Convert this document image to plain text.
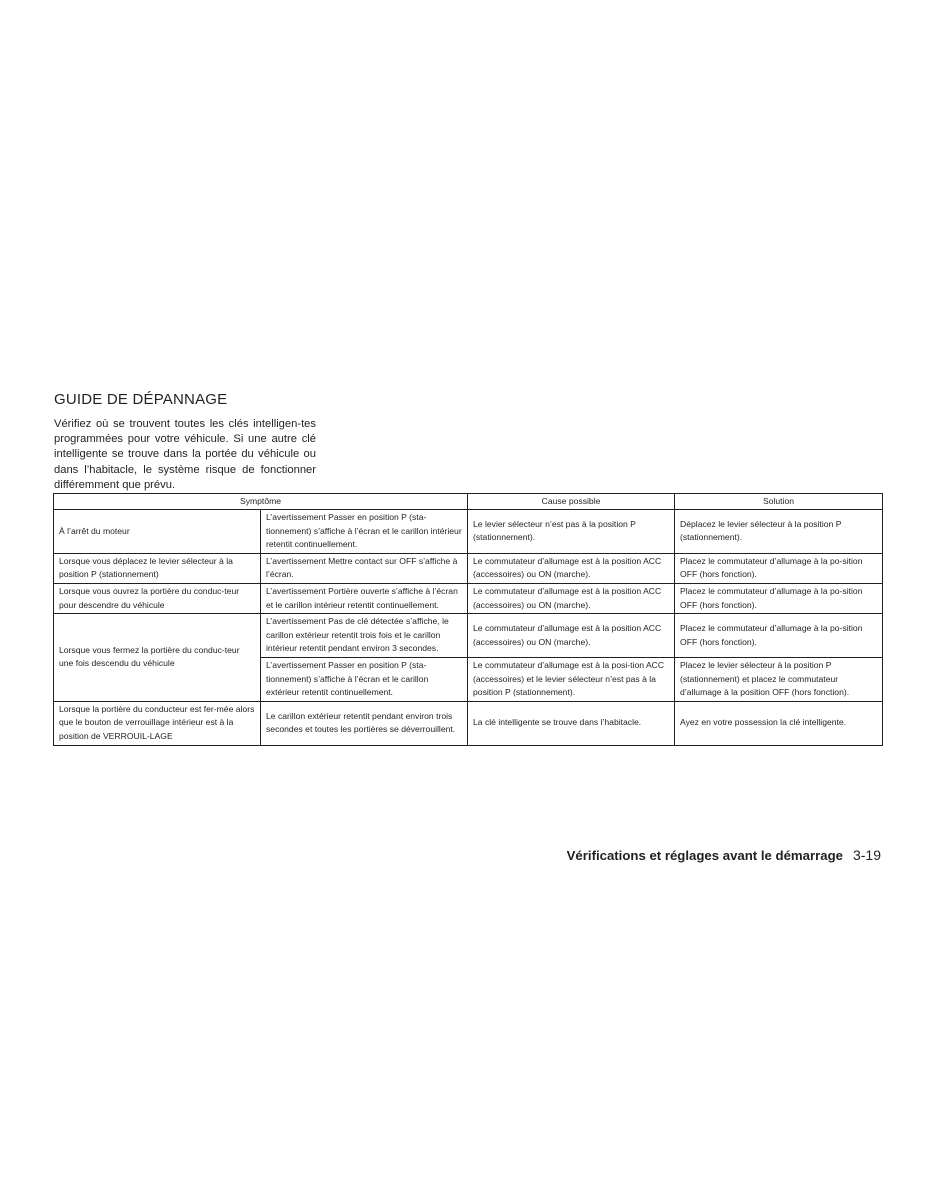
GUIDE DE DÉPANNAGE

Vérifiez où se trouvent toutes les clés intelligen-tes programmées pour votre véhicule. Si une autre clé intelligente se trouve dans la portée du véhicule ou dans l’habitacle, le système risque de fonctionner différemment que prévu.

Symptôme		Cause possible	Solution
À l’arrêt du moteur	L’avertissement Passer en position P (sta-tionnement) s’affiche à l’écran et le carillon intérieur retentit continuellement.	Le levier sélecteur n’est pas à la position P (stationnement).	Déplacez le levier sélecteur à la position P (stationnement).
Lorsque vous déplacez le levier sélecteur à la position P (stationnement)	L’avertissement Mettre contact sur OFF s’affiche à l’écran.	Le commutateur d’allumage est à la position ACC (accessoires) ou ON (marche).	Placez le commutateur d’allumage à la po-sition OFF (hors fonction).
Lorsque vous ouvrez la portière du conduc-teur pour descendre du véhicule	L’avertissement Portière ouverte s’affiche à l’écran et le carillon intérieur retentit continuellement.	Le commutateur d’allumage est à la position ACC (accessoires) ou ON (marche).	Placez le commutateur d’allumage à la po-sition OFF (hors fonction).
Lorsque vous fermez la portière du conduc-teur une fois descendu du véhicule	L’avertissement Pas de clé détectée s’affiche, le carillon extérieur retentit trois fois et le carillon intérieur retentit pendant environ 3 secondes.	Le commutateur d’allumage est à la position ACC (accessoires) ou ON (marche).	Placez le commutateur d’allumage à la po-sition OFF (hors fonction).
	L’avertissement Passer en position P (sta-tionnement) s’affiche à l’écran et le carillon extérieur retentit continuellement.	Le commutateur d’allumage est à la posi-tion ACC (accessoires) et le levier sélecteur n’est pas à la position P (stationnement).	Placez le levier sélecteur à la position P (stationnement) et placez le commutateur d’allumage à la position OFF (hors fonction).
Lorsque la portière du conducteur est fer-mée alors que le bouton de verrouillage intérieur est à la position de VERROUIL-LAGE	Le carillon extérieur retentit pendant environ trois secondes et toutes les portières se déverrouillent.	La clé intelligente se trouve dans l’habitacle.	Ayez en votre possession la clé intelligente.
Vérifications et réglages avant le démarrage 3-19
